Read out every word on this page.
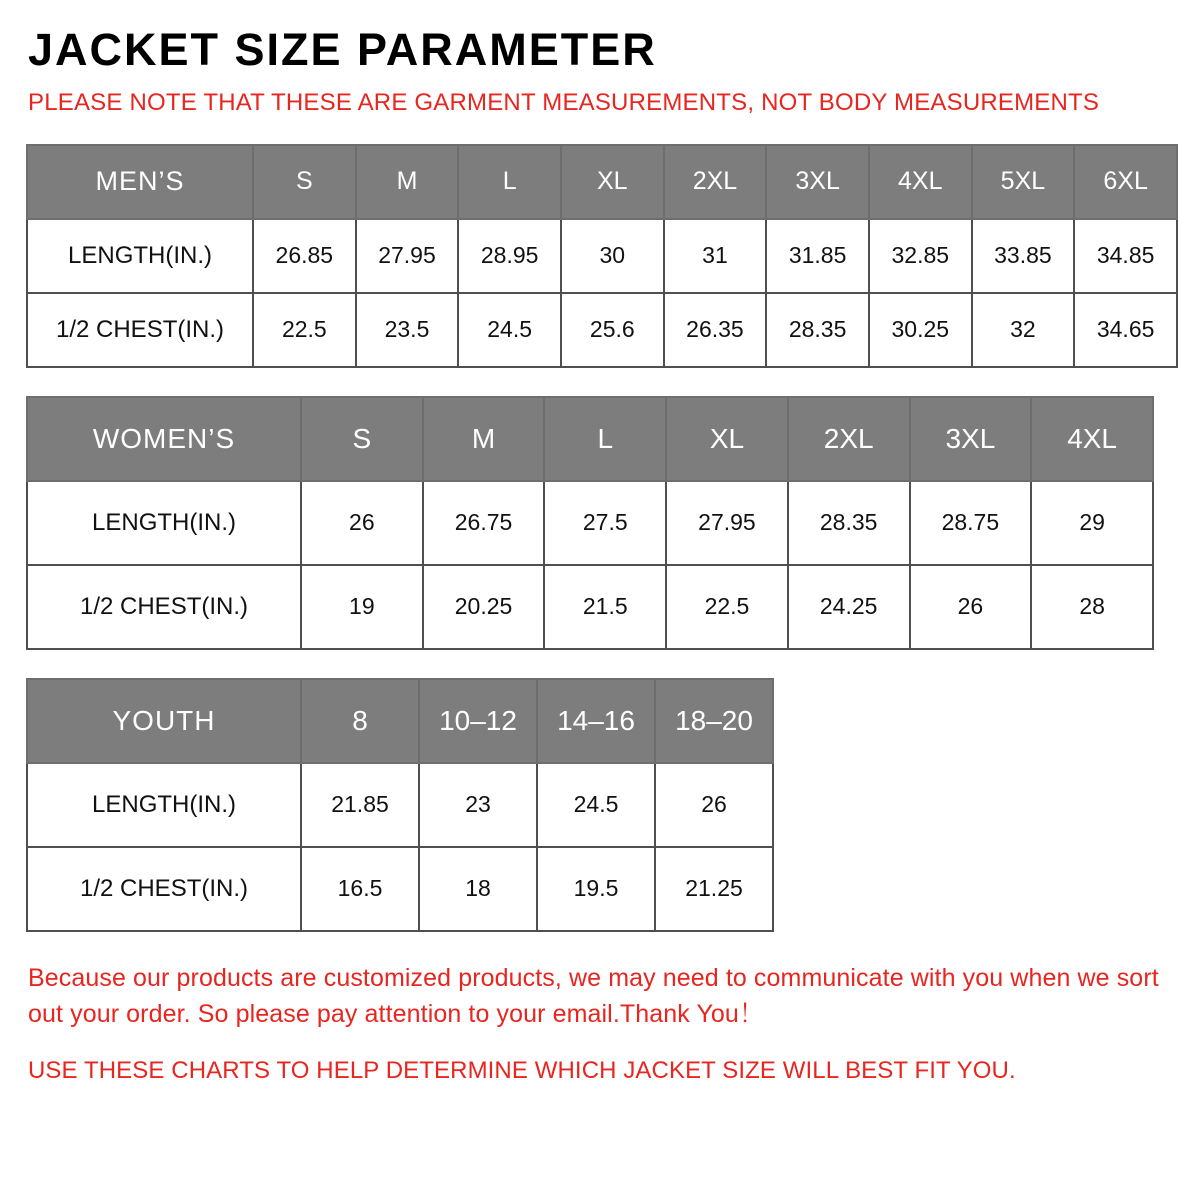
JACKET SIZE PARAMETER

PLEASE NOTE THAT THESE ARE GARMENT MEASUREMENTS, NOT BODY MEASUREMENTS

MEN’S	S	M	L	XL	2XL	3XL	4XL	5XL	6XL
LENGTH(IN.)	26.85	27.95	28.95	30	31	31.85	32.85	33.85	34.85
1/2 CHEST(IN.)	22.5	23.5	24.5	25.6	26.35	28.35	30.25	32	34.65
WOMEN’S	S	M	L	XL	2XL	3XL	4XL
LENGTH(IN.)	26	26.75	27.5	27.95	28.35	28.75	29
1/2 CHEST(IN.)	19	20.25	21.5	22.5	24.25	26	28
YOUTH	8	10–12	14–16	18–20
LENGTH(IN.)	21.85	23	24.5	26
1/2 CHEST(IN.)	16.5	18	19.5	21.25
Because our products are customized products, we may need to communicate with you when we sort out your order. So please pay attention to your email.Thank You！
USE THESE CHARTS TO HELP DETERMINE WHICH JACKET SIZE WILL BEST FIT YOU.
